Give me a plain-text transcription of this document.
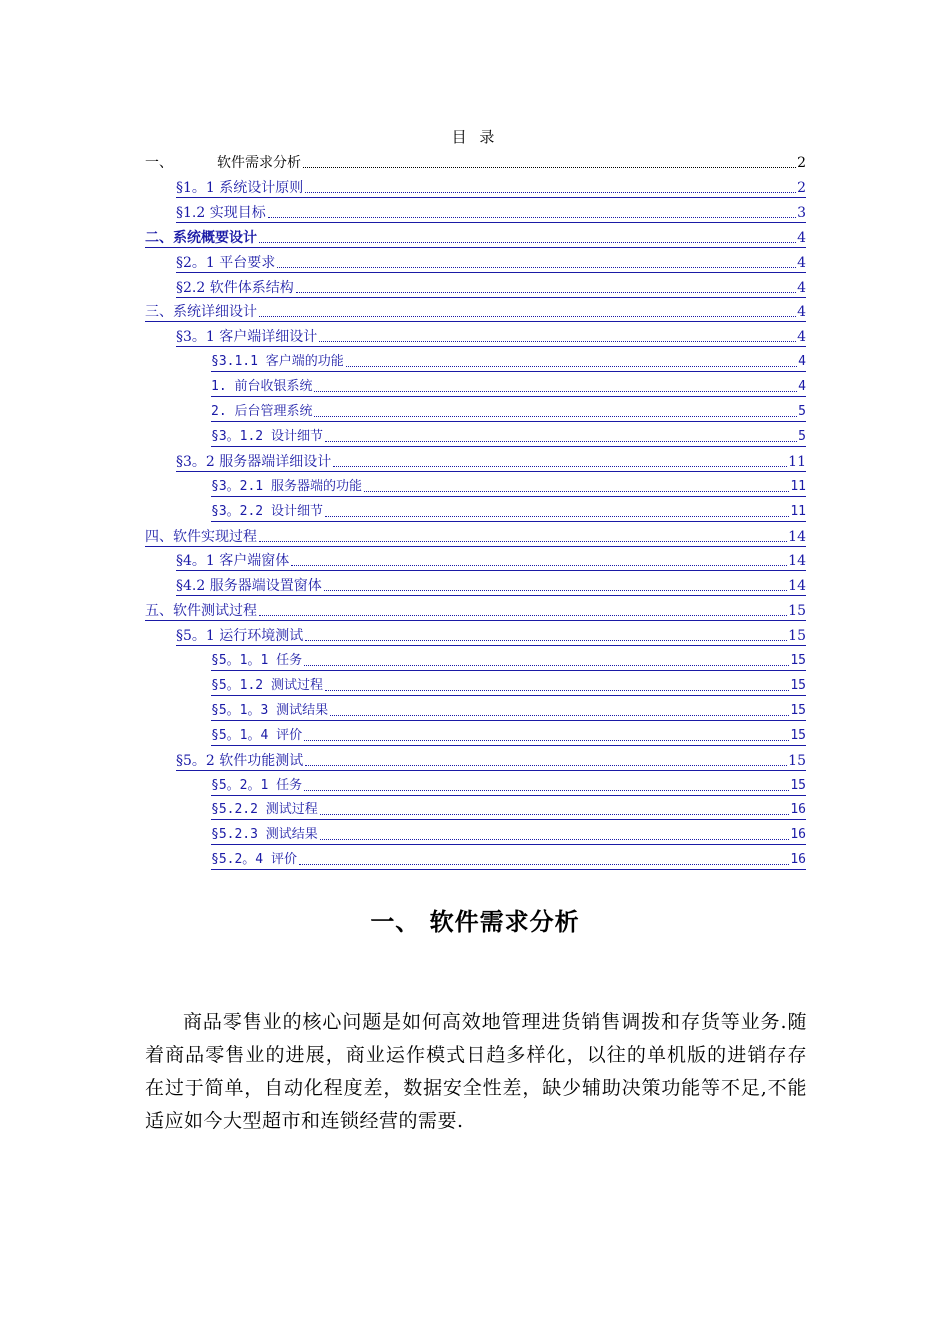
目 录
一、	软件需求分析	2
§1。1 系统设计原则	2
§1.2 实现目标	3
二、系统概要设计	4
§2。1 平台要求	4
§2.2 软件体系结构	4
三、系统详细设计	4
§3。1 客户端详细设计	4
§3.1.1 客户端的功能	4
1. 前台收银系统	4
2. 后台管理系统	5
§3。1.2 设计细节	5
§3。2 服务器端详细设计	11
§3。2.1 服务器端的功能	11
§3。2.2 设计细节	11
四、软件实现过程	14
§4。1 客户端窗体	14
§4.2 服务器端设置窗体	14
五、软件测试过程	15
§5。1 运行环境测试	15
§5。1。1 任务	15
§5。1.2 测试过程	15
§5。1。3 测试结果	15
§5。1。4 评价	15
§5。2 软件功能测试	15
§5。2。1 任务	15
§5.2.2 测试过程	16
§5.2.3 测试结果	16
§5.2。4 评价	16
一、 软件需求分析
商品零售业的核心问题是如何高效地管理进货销售调拨和存货等业务.随着商品零售业的进展，商业运作模式日趋多样化，以往的单机版的进销存存在过于简单，自动化程度差，数据安全性差，缺少辅助决策功能等不足,不能适应如今大型超市和连锁经营的需要.
